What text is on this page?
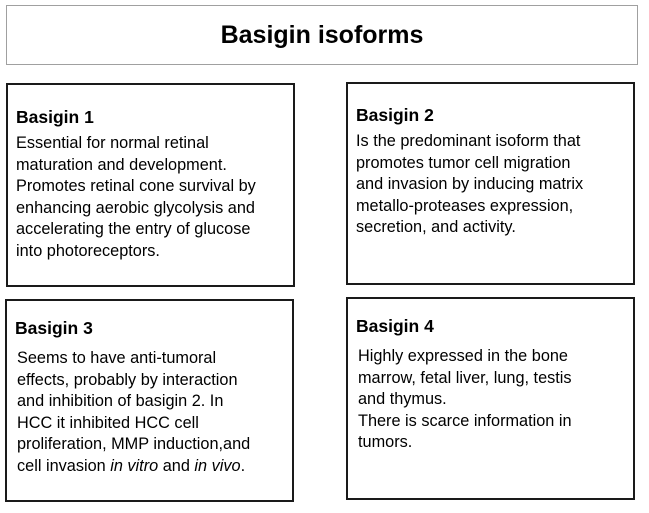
Basigin isoforms
Basigin 1
Essential for normal retinal
maturation and development.
Promotes retinal cone survival by
enhancing aerobic glycolysis and
accelerating the entry of glucose
into photoreceptors.
Basigin 2
Is the predominant isoform that
promotes tumor cell migration
and invasion by inducing matrix
metallo-proteases expression,
secretion, and activity.
Basigin 3
Seems to have anti-tumoral
effects, probably by interaction
and inhibition of basigin 2. In
HCC it inhibited HCC cell
proliferation, MMP induction,and
cell invasion in vitro and in vivo.
Basigin 4
Highly expressed in the bone
marrow, fetal liver, lung, testis
and thymus.
There is scarce information in
tumors.
